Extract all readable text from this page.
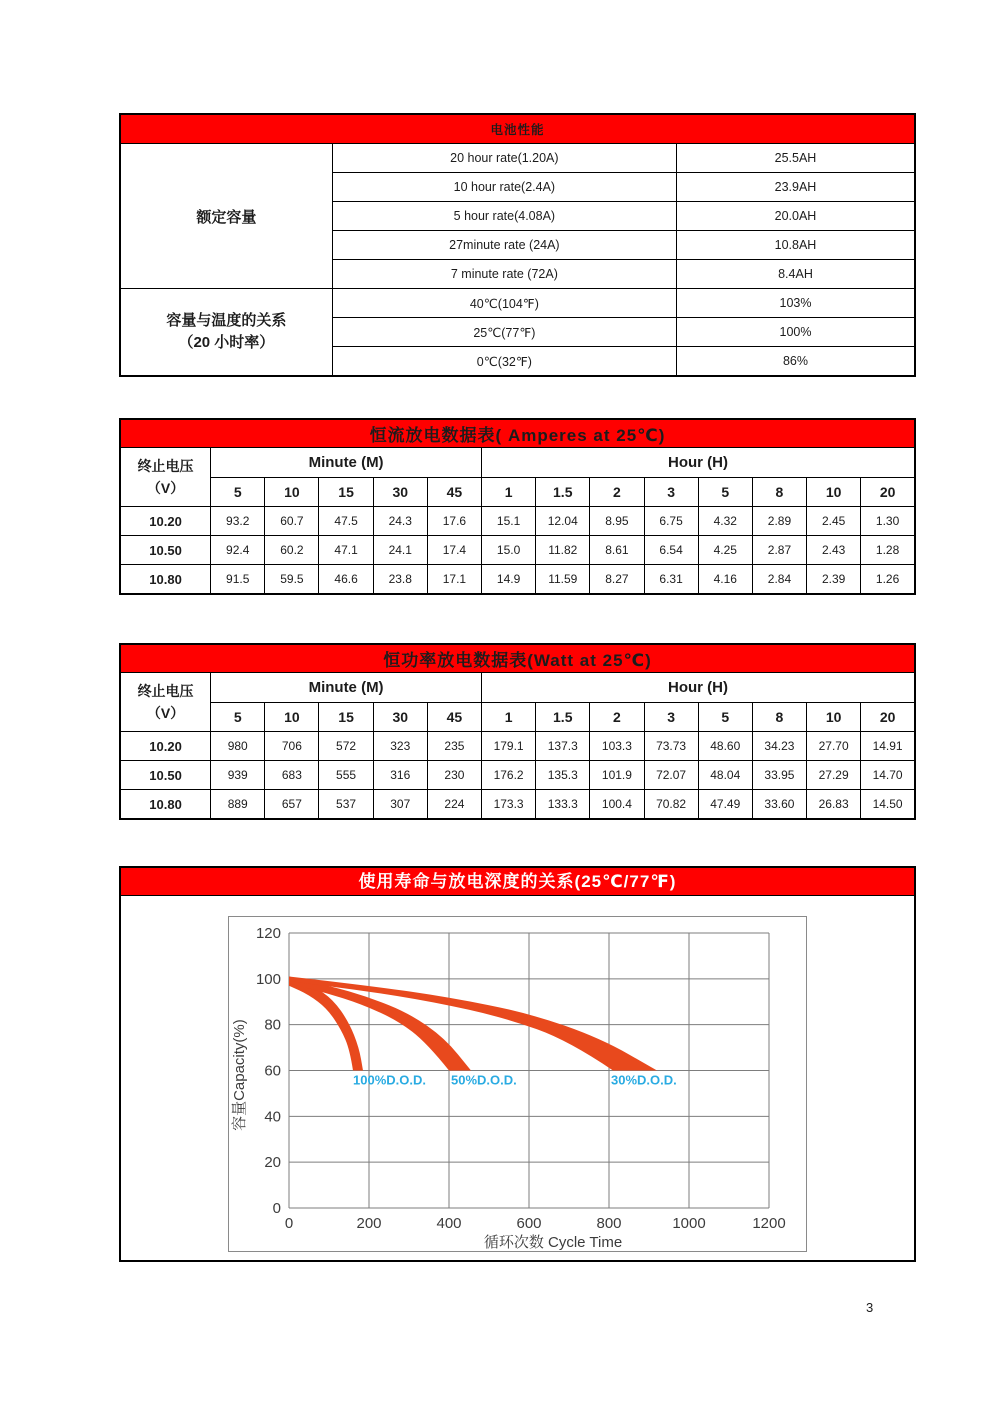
电池性能		
额定容量	20 hour rate(1.20A)	25.5AH
	10 hour rate(2.4A)	23.9AH
	5 hour rate(4.08A)	20.0AH
	27minute rate (24A)	10.8AH
	7 minute rate (72A)	8.4AH

容量与温度的关系
（20 小时率）	40℃(104℉)	103%
	25℃(77℉)	100%
	0℃(32℉)	86%
恒流放电数据表( Amperes at 25℃)													

终止电压
（V）	Minute (M)					Hour (H)							
	5	10	15	30	45	1	1.5	2	3	5	8	10	20
10.20	93.2	60.7	47.5	24.3	17.6	15.1	12.04	8.95	6.75	4.32	2.89	2.45	1.30
10.50	92.4	60.2	47.1	24.1	17.4	15.0	11.82	8.61	6.54	4.25	2.87	2.43	1.28
10.80	91.5	59.5	46.6	23.8	17.1	14.9	11.59	8.27	6.31	4.16	2.84	2.39	1.26
恒功率放电数据表(Watt at 25℃)													

终止电压
（V）	Minute (M)					Hour (H)							
	5	10	15	30	45	1	1.5	2	3	5	8	10	20
10.20	980	706	572	323	235	179.1	137.3	103.3	73.73	48.60	34.23	27.70	14.91
10.50	939	683	555	316	230	176.2	135.3	101.9	72.07	48.04	33.95	27.29	14.70
10.80	889	657	537	307	224	173.3	133.3	100.4	70.82	47.49	33.60	26.83	14.50
使用寿命与放电深度的关系(25℃/77℉)
100%D.O.D. 50%D.O.D.	30%D.O.D.
0
20
40
60
80
100
120
0	200	400	600	800	1000	1200
循环次数 Cycle Time
容量Capacity(%)
3
